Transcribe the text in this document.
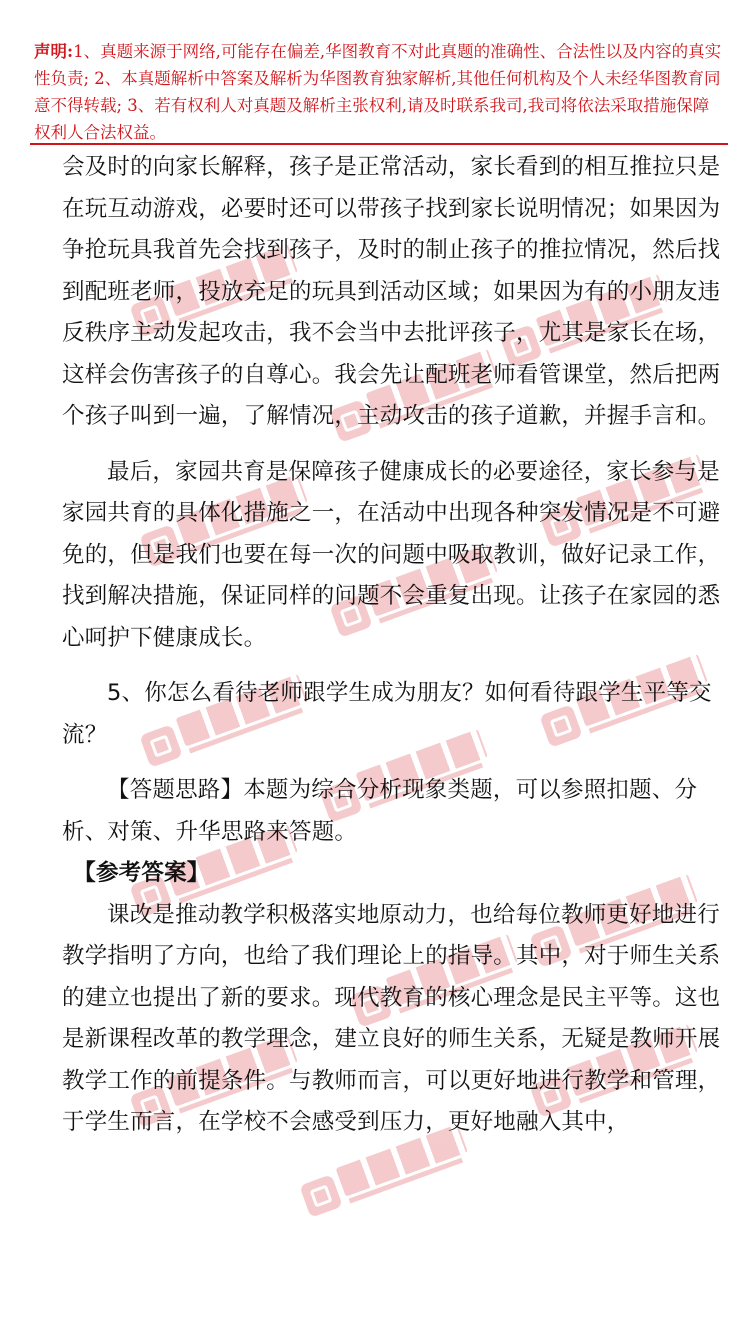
声明:1、真题来源于网络,可能存在偏差,华图教育不对此真题的准确性、合法性以及内容的真实性负责; 2、本真题解析中答案及解析为华图教育独家解析,其他任何机构及个人未经华图教育同意不得转载; 3、若有权利人对真题及解析主张权利,请及时联系我司,我司将依法采取措施保障权利人合法权益。

会及时的向家长解释，孩子是正常活动，家长看到的相互推拉只是在玩互动游戏，必要时还可以带孩子找到家长说明情况；如果因为争抢玩具我首先会找到孩子，及时的制止孩子的推拉情况，然后找到配班老师，投放充足的玩具到活动区域；如果因为有的小朋友违反秩序主动发起攻击，我不会当中去批评孩子，尤其是家长在场，这样会伤害孩子的自尊心。我会先让配班老师看管课堂，然后把两个孩子叫到一遍，了解情况，主动攻击的孩子道歉，并握手言和。

最后，家园共育是保障孩子健康成长的必要途径，家长参与是家园共育的具体化措施之一，在活动中出现各种突发情况是不可避免的，但是我们也要在每一次的问题中吸取教训，做好记录工作，找到解决措施，保证同样的问题不会重复出现。让孩子在家园的悉心呵护下健康成长。

5、你怎么看待老师跟学生成为朋友？如何看待跟学生平等交流？

【答题思路】本题为综合分析现象类题，可以参照扣题、分析、对策、升华思路来答题。

【参考答案】

课改是推动教学积极落实地原动力，也给每位教师更好地进行教学指明了方向，也给了我们理论上的指导。其中，对于师生关系的建立也提出了新的要求。现代教育的核心理念是民主平等。这也是新课程改革的教学理念，建立良好的师生关系，无疑是教师开展教学工作的前提条件。与教师而言，可以更好地进行教学和管理，于学生而言，在学校不会感受到压力，更好地融入其中，
